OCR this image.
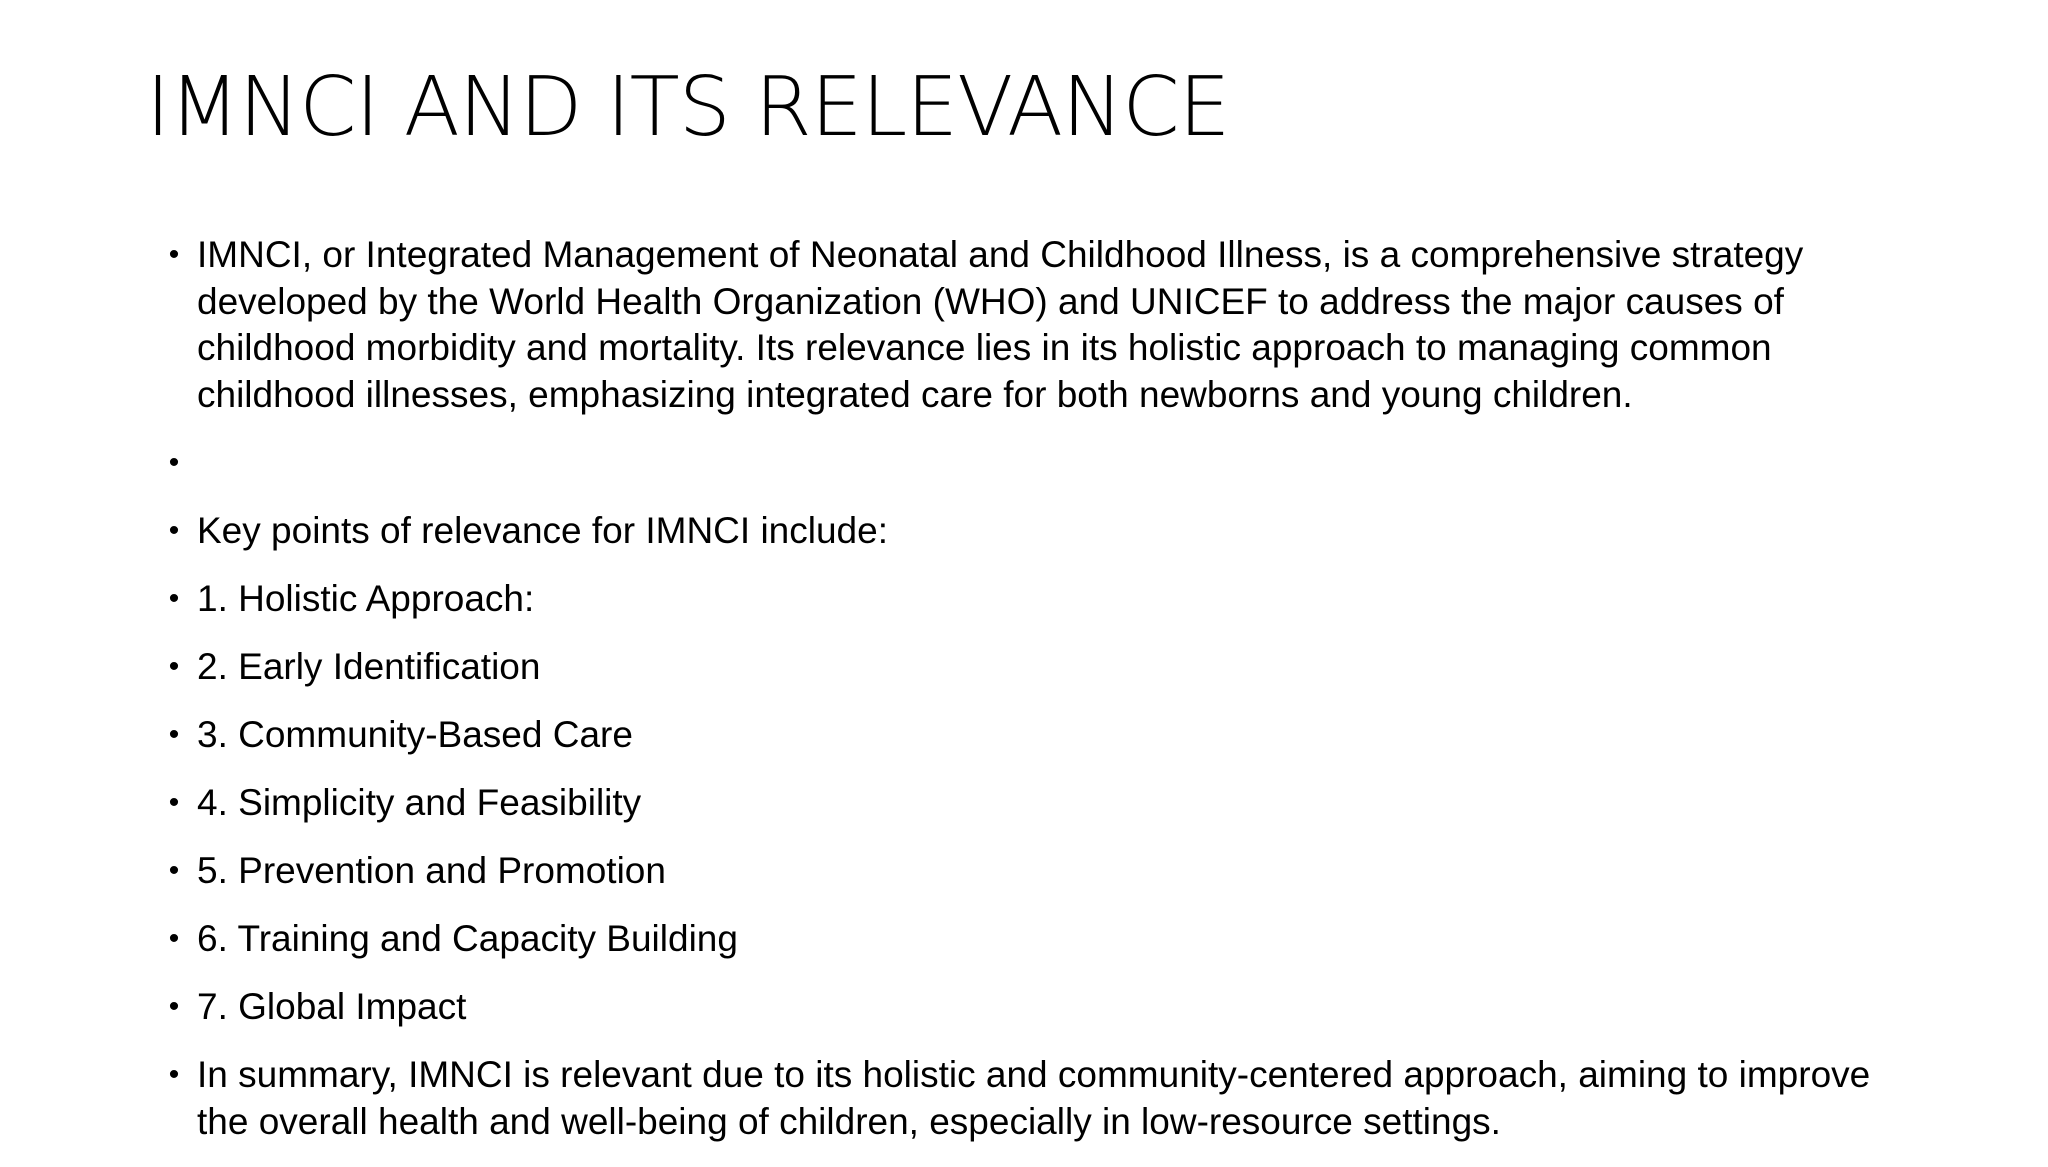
IMNCI AND ITS RELEVANCE
• IMNCI, or Integrated Management of Neonatal and Childhood Illness, is a comprehensive strategy developed by the World Health Organization (WHO) and UNICEF to address the major causes of childhood morbidity and mortality. Its relevance lies in its holistic approach to managing common childhood illnesses, emphasizing integrated care for both newborns and young children.
•
• Key points of relevance for IMNCI include:
• 1. Holistic Approach:
• 2. Early Identification
• 3. Community-Based Care
• 4. Simplicity and Feasibility
• 5. Prevention and Promotion
• 6. Training and Capacity Building
• 7. Global Impact
• In summary, IMNCI is relevant due to its holistic and community-centered approach, aiming to improve the overall health and well-being of children, especially in low-resource settings.
